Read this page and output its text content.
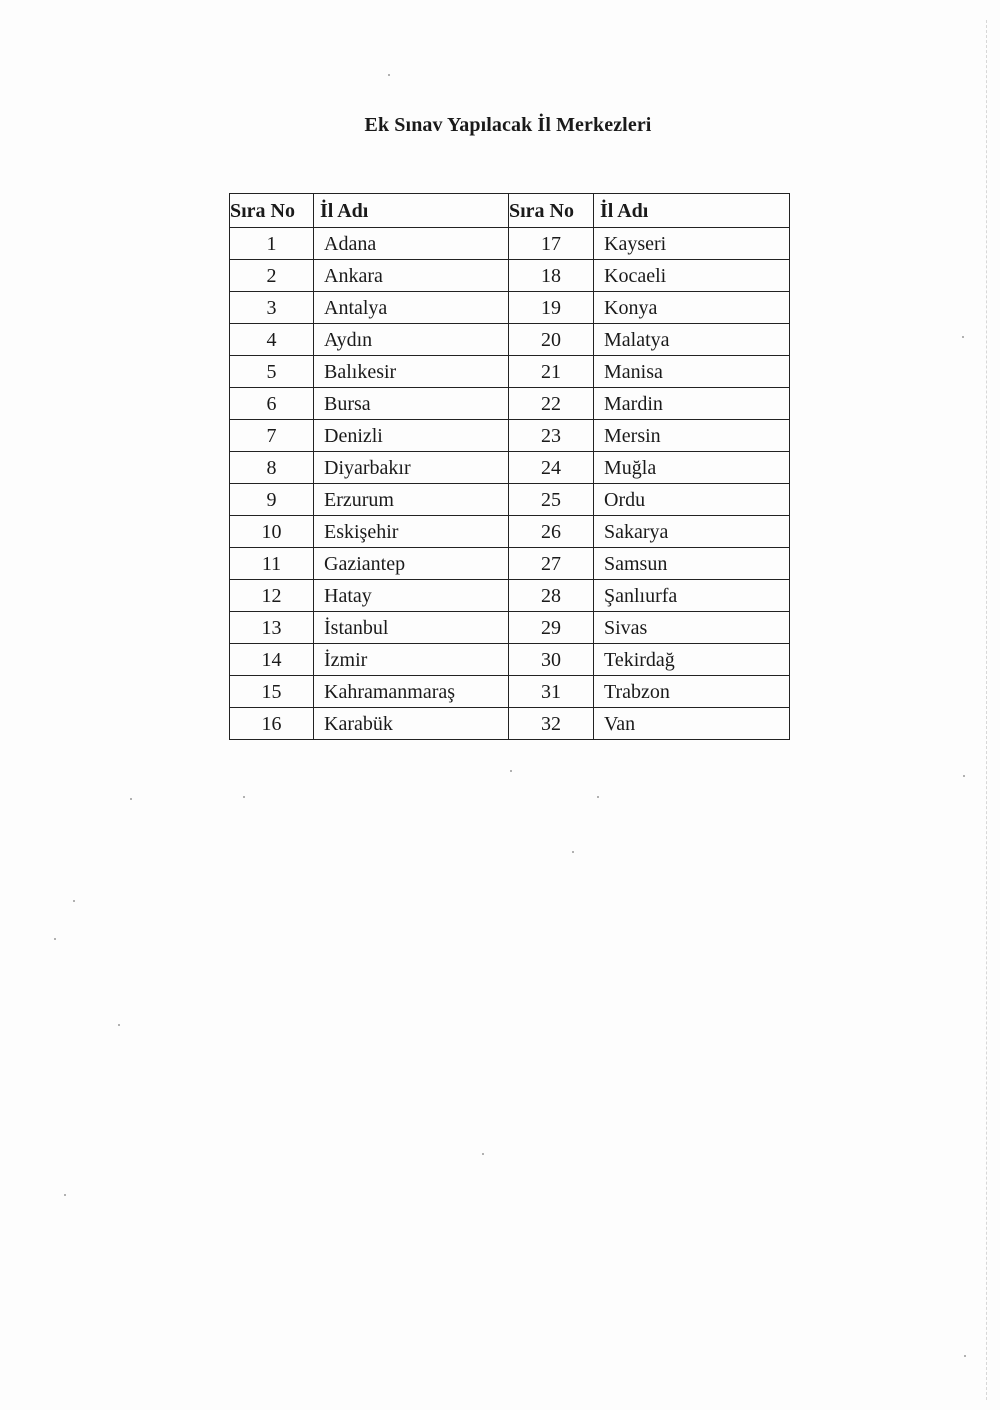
Ek Sınav Yapılacak İl Merkezleri
Sıra No	İl Adı	Sıra No	İl Adı
1	Adana	17	Kayseri
2	Ankara	18	Kocaeli
3	Antalya	19	Konya
4	Aydın	20	Malatya
5	Balıkesir	21	Manisa
6	Bursa	22	Mardin
7	Denizli	23	Mersin
8	Diyarbakır	24	Muğla
9	Erzurum	25	Ordu
10	Eskişehir	26	Sakarya
11	Gaziantep	27	Samsun
12	Hatay	28	Şanlıurfa
13	İstanbul	29	Sivas
14	İzmir	30	Tekirdağ
15	Kahramanmaraş	31	Trabzon
16	Karabük	32	Van
